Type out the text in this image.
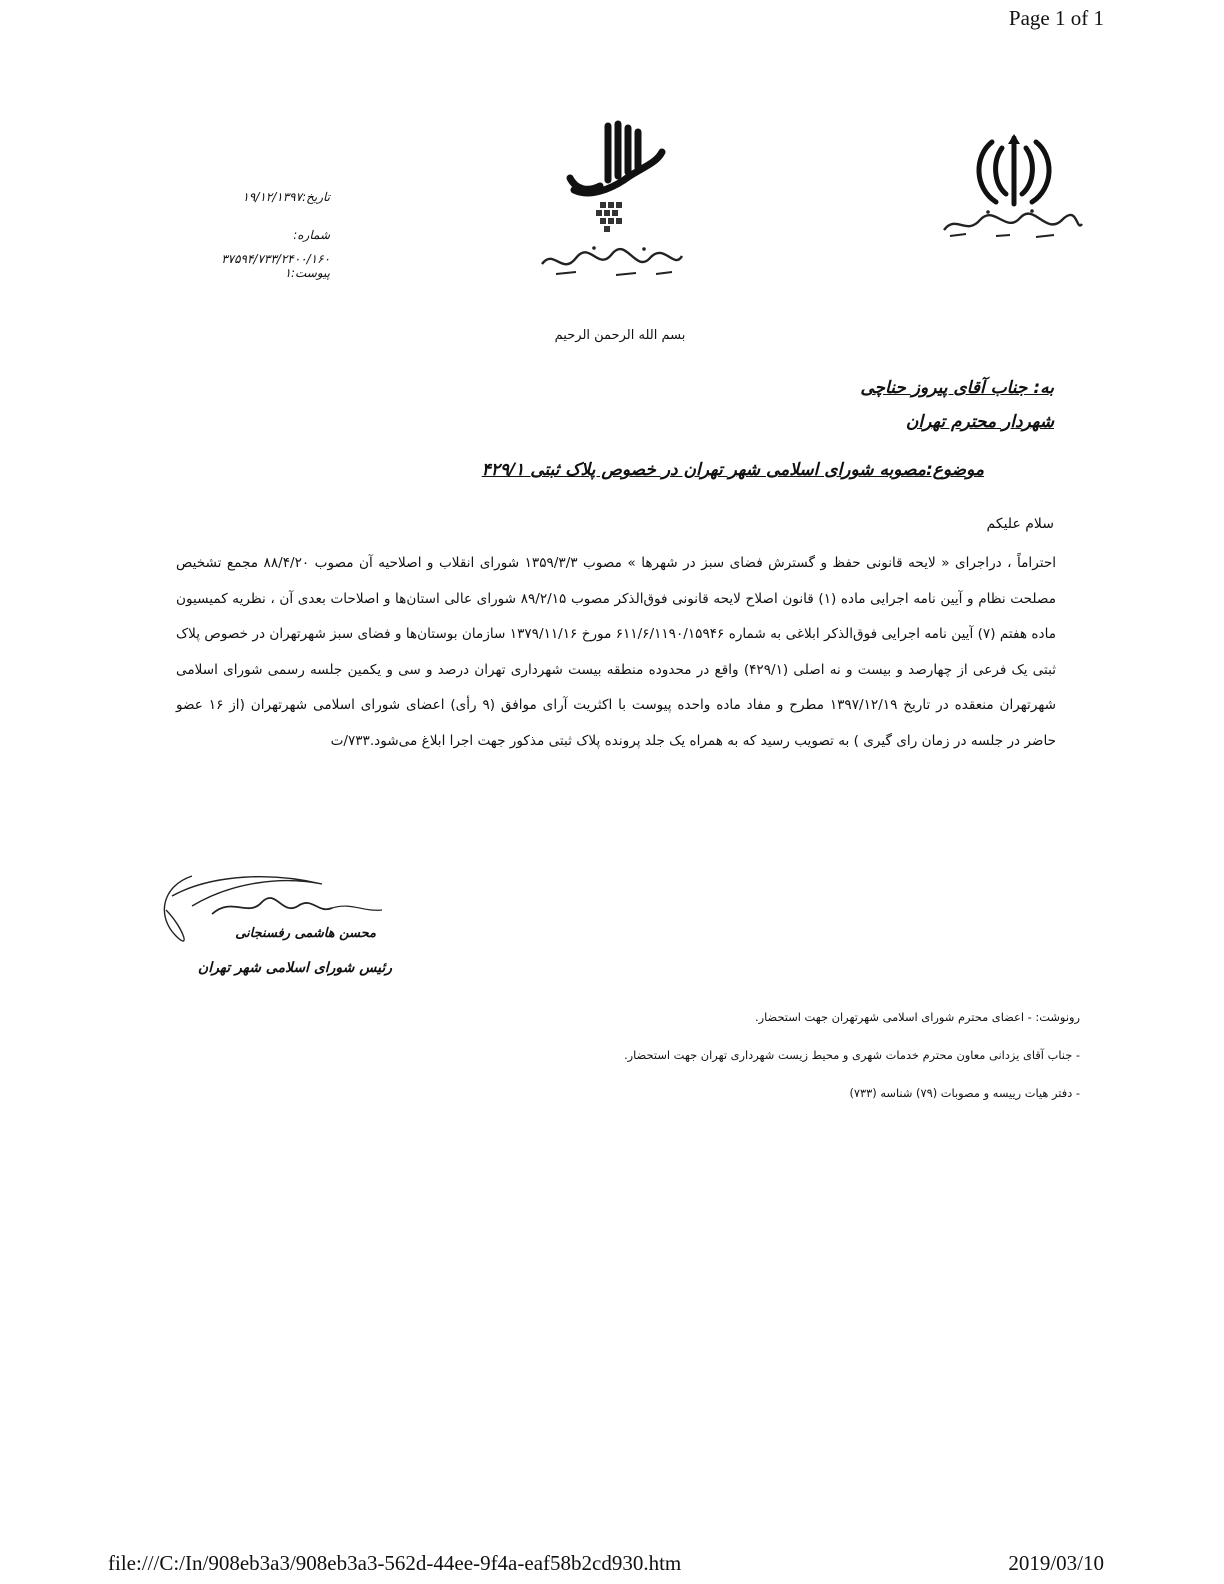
Page 1 of 1
تاریخ:۱۹/۱۲/۱۳۹۷
شماره:
۳۷۵۹۴/۷۳۳/۲۴۰۰/۱۶۰
پیوست:۱
بسم الله الرحمن الرحیم
به: جناب آقای پیروز حناچی
شهردار محترم تهران
موضوع:مصوبه شورای اسلامی شهر تهران در خصوص پلاک ثبتی ۴۲۹/۱
سلام علیکم
احتراماً ، دراجرای « لایحه قانونی حفظ و گسترش فضای سبز در شهرها » مصوب ۱۳۵۹/۳/۳ شورای انقلاب و اصلاحیه آن مصوب ۸۸/۴/۲۰ مجمع تشخیص مصلحت نظام و آیین نامه اجرایی ماده (۱) قانون اصلاح لایحه قانونی فوق‌الذکر مصوب ۸۹/۲/۱۵ شورای عالی استان‌ها و اصلاحات بعدی آن ، نظریه کمیسیون ماده هفتم (۷) آیین نامه اجرایی فوق‌الذکر ابلاغی به شماره ۶۱۱/۶/۱۱۹۰/۱۵۹۴۶ مورخ ۱۳۷۹/۱۱/۱۶ سازمان بوستان‌ها و فضای سبز شهرتهران در خصوص پلاک ثبتی یک فرعی از چهارصد و بیست و نه اصلی (۴۲۹/۱) واقع در محدوده منطقه بیست شهرداری تهران درصد و سی و یکمین جلسه رسمی شورای اسلامی شهرتهران منعقده در تاریخ ۱۳۹۷/۱۲/۱۹ مطرح و مفاد ماده واحده پیوست با اکثریت آرای موافق (۹ رأی) اعضای شورای اسلامی شهرتهران (از ۱۶ عضو حاضر در جلسه در زمان رای گیری ) به تصویب رسید که به همراه یک جلد پرونده پلاک ثبتی مذکور جهت اجرا ابلاغ می‌شود.۷۳۳/ت
محسن هاشمی رفسنجانی
رئیس شورای اسلامی شهر تهران
رونوشت: - اعضای محترم شورای اسلامی شهرتهران جهت استحضار.
- جناب آقای یزدانی معاون محترم خدمات شهری و محیط زیست شهرداری تهران جهت استحضار.
- دفتر هیات رییسه و مصوبات (۷۹) شناسه (۷۳۳)
file:///C:/In/908eb3a3/908eb3a3-562d-44ee-9f4a-eaf58b2cd930.htm	2019/03/10
